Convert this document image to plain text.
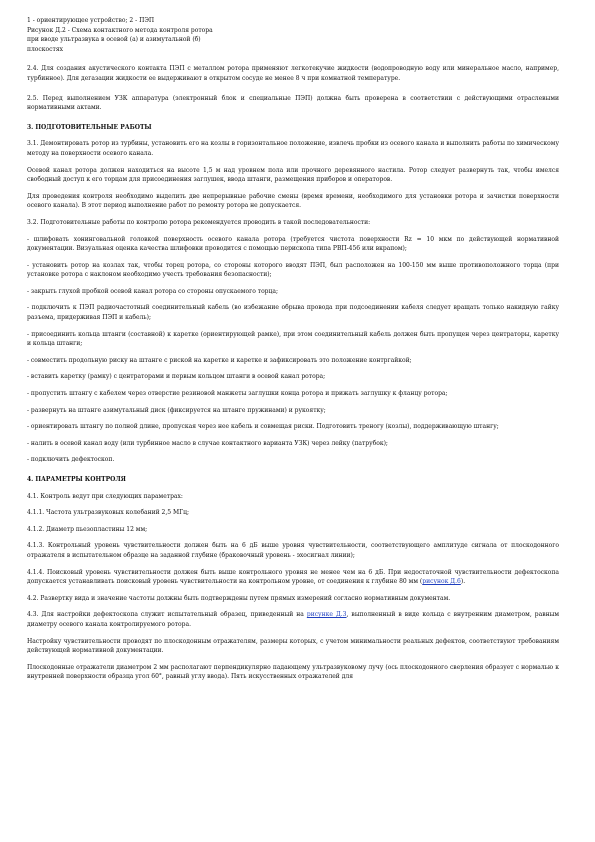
1 - ориентирующее устройство; 2 - ПЭП

Рисунок Д.2 - Схема контактного метода контроля ротора

при вводе ультразвука в осевой (а) и азимутальной (б)

плоскостях

2.4. Для создания акустического контакта ПЭП с металлом ротора применяют легкотекучие жидкости (водопроводную воду или минеральное масло, например, турбинное). Для дегазации жидкости ее выдерживают в открытом сосуде не менее 8 ч при комнатной температуре.

2.5. Перед выполнением УЗК аппаратура (электронный блок и специальные ПЭП) должна быть проверена в соответствии с действующими отраслевыми нормативными актами.

3. ПОДГОТОВИТЕЛЬНЫЕ РАБОТЫ

3.1. Демонтировать ротор из турбины, установить его на козлы в горизонтальное положение, извлечь пробки из осевого канала и выполнить работы по химическому методу на поверхности осевого канала.

Осевой канал ротора должен находиться на высоте 1,5 м над уровнем пола или прочного деревянного настила. Ротор следует развернуть так, чтобы имелся свободный доступ к его торцам для присоединения заглушек, ввода штанги, размещения приборов и операторов.

Для проведения контроля необходимо выделить две непрерывные рабочие смены (время времени, необходимого для установки ротора и зачистки поверхности осевого канала). В этот период выполнение работ по ремонту ротора не допускается.

3.2. Подготовительные работы по контролю ротора рекомендуется проводить в такой последовательности:

- шлифовать хонинговальной головкой поверхность осевого канала ротора (требуется чистота поверхности Rz = 10 мкм по действующей нормативной документации. Визуальная оценка качества шлифовки проводится с помощью перископа типа РВП-456 или вкрапом);

- установить ротор на козлах так, чтобы торец ротора, со стороны которого вводят ПЭП, был расположен на 100-150 мм выше противоположного торца (при установке ротора с наклоном необходимо учесть требования безопасности);

- закрыть глухой пробкой осевой канал ротора со стороны опускаемого торца;

- подключить к ПЭП радиочастотный соединительный кабель (во избежание обрыва провода при подсоединении кабеля следует вращать только накидную гайку разъема, придерживая ПЭП и кабель);

- присоединить кольца штанги (составной) к каретке (ориентирующей рамке), при этом соединительный кабель должен быть пропущен через центраторы, каретку и кольца штанги;

- совместить продольную риску на штанге с риской на каретке и каретке и зафиксировать это положение контргайкой;

- вставить каретку (рамку) с центраторами и первым кольцом штанги в осевой канал ротора;

- пропустить штангу с кабелем через отверстие резиновой манжеты заглушки конца ротора и прижать заглушку к фланцу ротора;

- развернуть на штанге азимутальный диск (фиксируется на штанге пружинами) и рукоятку;

- ориентировать штангу по полной длине, пропуская через нее кабель и совмещая риски. Подготовить треногу (козлы), поддерживающую штангу;

- налить в осевой канал воду (или турбинное масло в случае контактного варианта УЗК) через лейку (патрубок);

- подключить дефектоскоп.

4. ПАРАМЕТРЫ КОНТРОЛЯ

4.1. Контроль ведут при следующих параметрах:

4.1.1. Частота ультразвуковых колебаний 2,5 МГц;

4.1.2. Диаметр пьезопластины 12 мм;

4.1.3. Контрольный уровень чувствительности должен быть на 6 дБ выше уровня чувствительности, соответствующего амплитуде сигнала от плоскодонного отражателя в испытательном образце на заданной глубине (браковочный уровень - эхосигнал линии);

4.1.4. Поисковый уровень чувствительности должен быть выше контрольного уровня не менее чем на 6 дБ. При недостаточной чувствительности дефектоскопа допускается устанавливать поисковый уровень чувствительности на контрольном уровне, от соединения к глубине 80 мм (рисунок Д.6).

4.2. Развертку вида и значение частоты должны быть подтверждены путем прямых измерений согласно нормативным документам.

4.3. Для настройки дефектоскопа служит испытательный образец, приведенный на рисунке Д.3, выполненный в виде кольца с внутренним диаметром, равным диаметру осевого канала контролируемого ротора.

Настройку чувствительности проводят по плоскодонным отражателям, размеры которых, с учетом минимальности реальных дефектов, соответствуют требованиям действующей нормативной документации.

Плоскодонные отражатели диаметром 2 мм располагают перпендикулярно падающему ультразвуковому лучу (ось плоскодонного сверления образует с нормалью к внутренней поверхности образца угол 60°, равный углу ввода). Пять искусственных отражателей для
